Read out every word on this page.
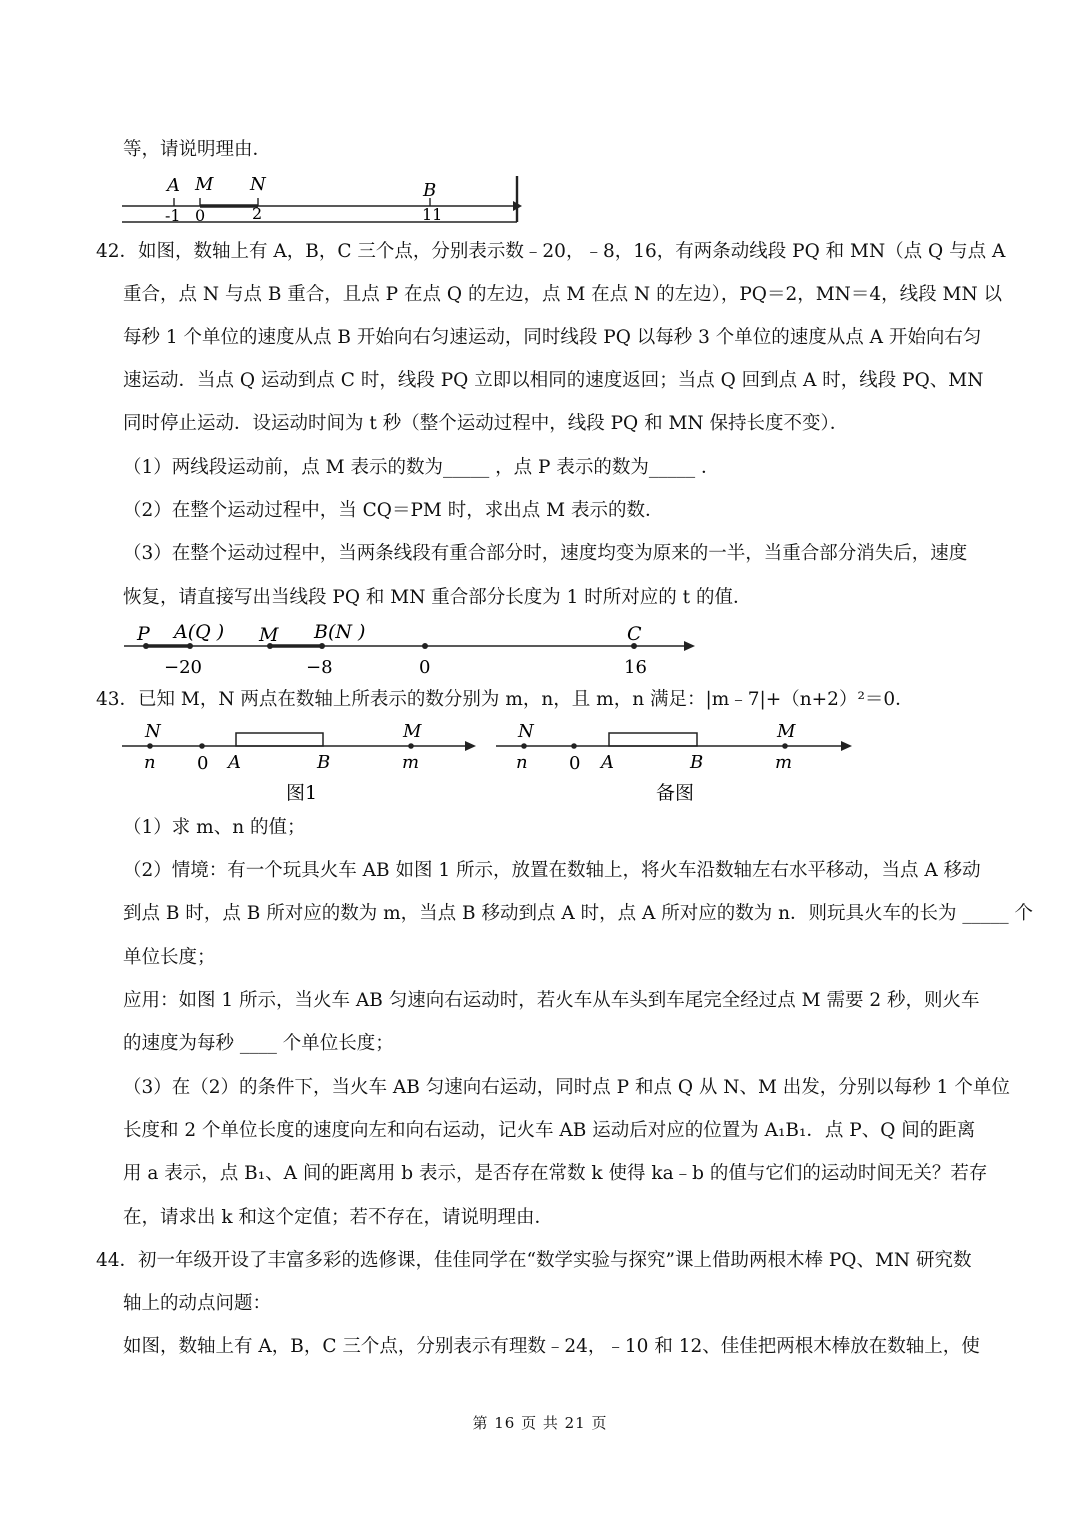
等，请说明理由．
A M N	B
-1 0	2	11
42．如图，数轴上有 A，B，C 三个点，分别表示数﹣20，﹣8，16，有两条动线段 PQ 和 MN（点 Q 与点 A
重合，点 N 与点 B 重合，且点 P 在点 Q 的左边，点 M 在点 N 的左边），PQ＝2，MN＝4，线段 MN 以
每秒 1 个单位的速度从点 B 开始向右匀速运动，同时线段 PQ 以每秒 3 个单位的速度从点 A 开始向右匀
速运动．当点 Q 运动到点 C 时，线段 PQ 立即以相同的速度返回；当点 Q 回到点 A 时，线段 PQ、MN
同时停止运动．设运动时间为 t 秒（整个运动过程中，线段 PQ 和 MN 保持长度不变）．
（1）两线段运动前，点 M 表示的数为_____ ，点 P 表示的数为_____ ．
（2）在整个运动过程中，当 CQ＝PM 时，求出点 M 表示的数．
（3）在整个运动过程中，当两条线段有重合部分时，速度均变为原来的一半，当重合部分消失后，速度
恢复，请直接写出当线段 PQ 和 MN 重合部分长度为 1 时所对应的 t 的值．
P A(Q ) M B(N )	C
−20	−8	0	16
43．已知 M，N 两点在数轴上所表示的数分别为 m，n，且 m，n 满足：|m﹣7|+（n+2）²＝0．
N	M
n 0 A	B	m
图1
N	M
n 0 A	B	m
备图
（1）求 m、n 的值；
（2）情境：有一个玩具火车 AB 如图 1 所示，放置在数轴上，将火车沿数轴左右水平移动，当点 A 移动
到点 B 时，点 B 所对应的数为 m，当点 B 移动到点 A 时，点 A 所对应的数为 n．则玩具火车的长为 _____ 个
单位长度；
应用：如图 1 所示，当火车 AB 匀速向右运动时，若火车从车头到车尾完全经过点 M 需要 2 秒，则火车
的速度为每秒 ____ 个单位长度；
（3）在（2）的条件下，当火车 AB 匀速向右运动，同时点 P 和点 Q 从 N、M 出发，分别以每秒 1 个单位
长度和 2 个单位长度的速度向左和向右运动，记火车 AB 运动后对应的位置为 A₁B₁．点 P、Q 间的距离
用 a 表示，点 B₁、A 间的距离用 b 表示，是否存在常数 k 使得 ka﹣b 的值与它们的运动时间无关？若存
在，请求出 k 和这个定值；若不存在，请说明理由．
44．初一年级开设了丰富多彩的选修课，佳佳同学在“数学实验与探究”课上借助两根木棒 PQ、MN 研究数
轴上的动点问题：
如图，数轴上有 A，B，C 三个点，分别表示有理数﹣24，﹣10 和 12、佳佳把两根木棒放在数轴上，使
第 16 页 共 21 页
